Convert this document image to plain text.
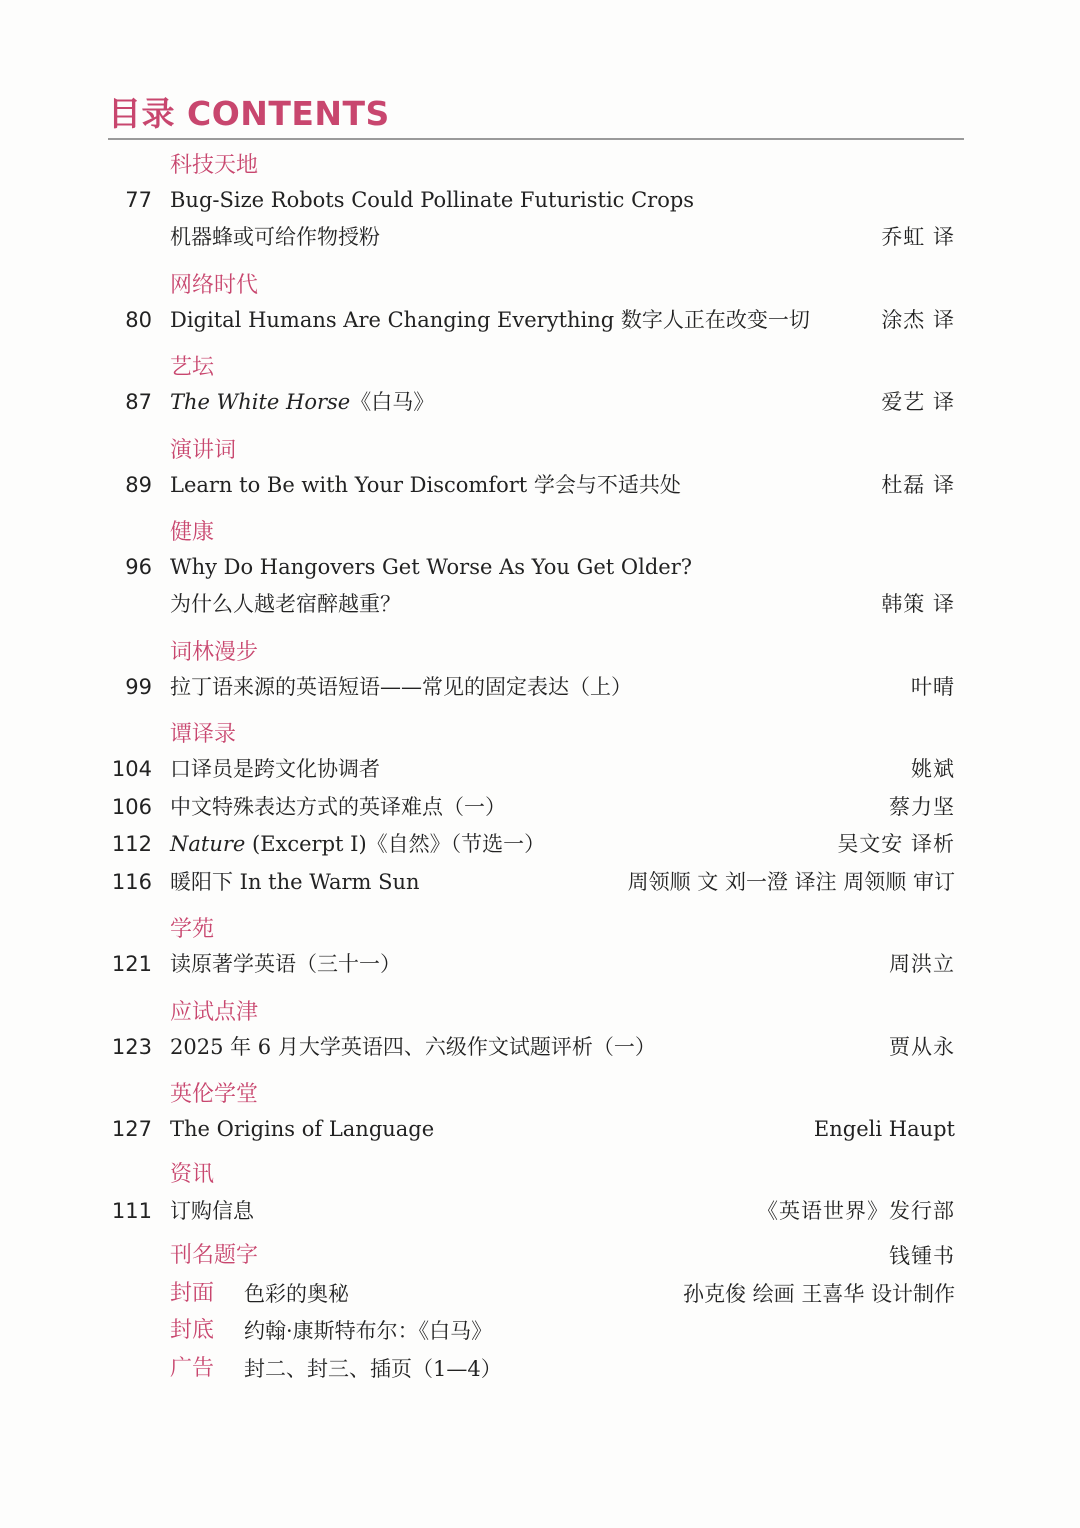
目录 CONTENTS
科技天地
77 Bug-Size Robots Could Pollinate Futuristic Crops
机器蜂或可给作物授粉	乔虹 译
网络时代
80 Digital Humans Are Changing Everything 数字人正在改变一切	涂杰 译
艺坛
87 The White Horse《白马》	爱艺 译
演讲词
89 Learn to Be with Your Discomfort 学会与不适共处	杜磊 译
健康
96 Why Do Hangovers Get Worse As You Get Older?
为什么人越老宿醉越重？	韩策 译
词林漫步
99 拉丁语来源的英语短语——常见的固定表达（上）	叶晴
谭译录
104 口译员是跨文化协调者	姚斌
106 中文特殊表达方式的英译难点（一）	蔡力坚
112 Nature (Excerpt I)《自然》（节选一）	吴文安 译析
116 暖阳下 In the Warm Sun	周领顺 文 刘一澄 译注 周领顺 审订
学苑
121 读原著学英语（三十一）	周洪立
应试点津
123 2025 年 6 月大学英语四、六级作文试题评析（一）	贾从永
英伦学堂
127 The Origins of Language	Engeli Haupt
资讯
111 订购信息	《英语世界》发行部
刊名题字	钱锺书
封面 色彩的奥秘	孙克俊 绘画 王喜华 设计制作
封底 约翰·康斯特布尔：《白马》
广告 封二、封三、插页（1—4）
